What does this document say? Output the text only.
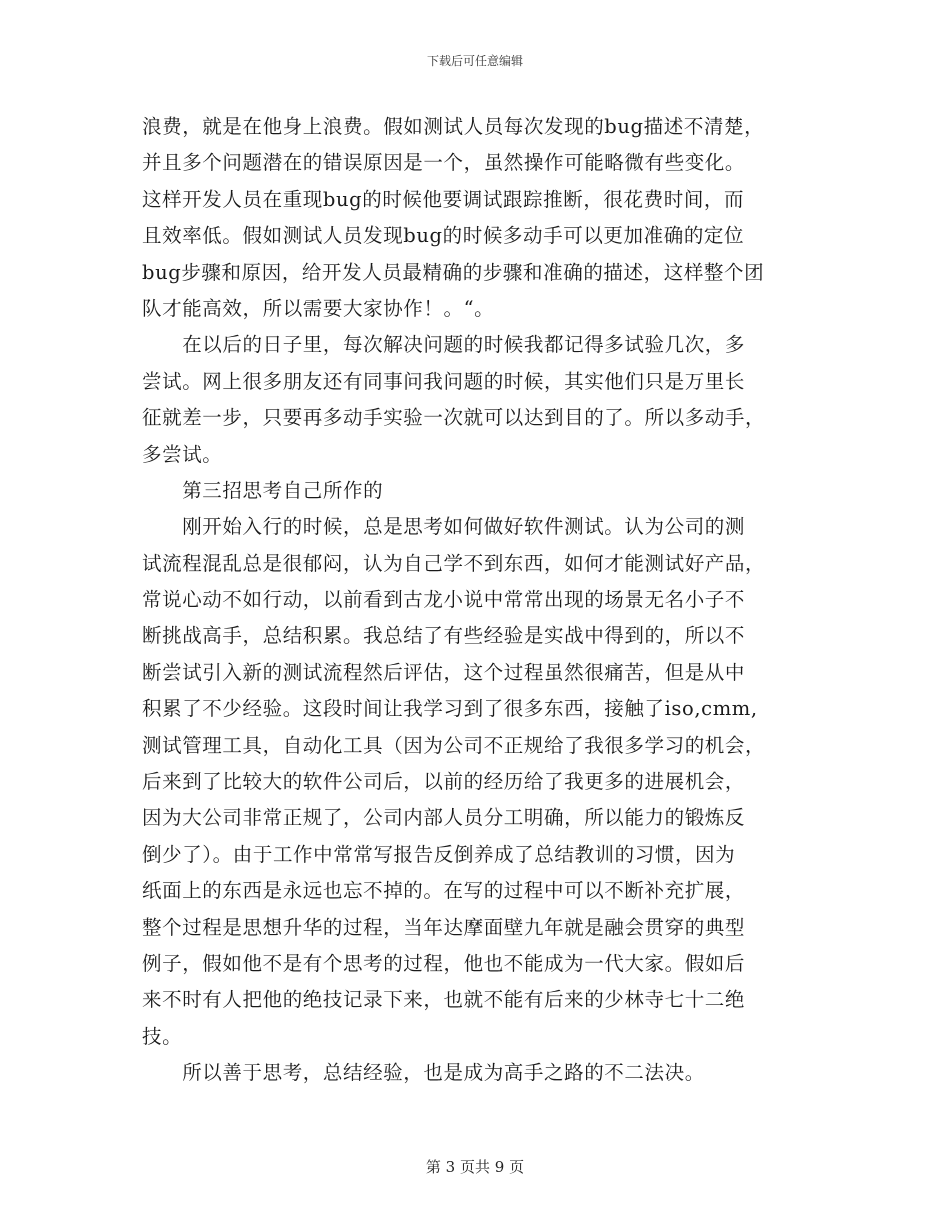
下载后可任意编辑
浪费，就是在他身上浪费。假如测试人员每次发现的bug描述不清楚，
并且多个问题潜在的错误原因是一个，虽然操作可能略微有些变化。
这样开发人员在重现bug的时候他要调试跟踪推断，很花费时间，而
且效率低。假如测试人员发现bug的时候多动手可以更加准确的定位
bug步骤和原因，给开发人员最精确的步骤和准确的描述，这样整个团
队才能高效，所以需要大家协作！。“。
　　在以后的日子里，每次解决问题的时候我都记得多试验几次，多
尝试。网上很多朋友还有同事问我问题的时候，其实他们只是万里长
征就差一步，只要再多动手实验一次就可以达到目的了。所以多动手，
多尝试。
　　第三招思考自己所作的
　　刚开始入行的时候，总是思考如何做好软件测试。认为公司的测
试流程混乱总是很郁闷，认为自己学不到东西，如何才能测试好产品，
常说心动不如行动，以前看到古龙小说中常常出现的场景无名小子不
断挑战高手，总结积累。我总结了有些经验是实战中得到的，所以不
断尝试引入新的测试流程然后评估，这个过程虽然很痛苦，但是从中
积累了不少经验。这段时间让我学习到了很多东西，接触了iso,cmm,
测试管理工具，自动化工具（因为公司不正规给了我很多学习的机会，
后来到了比较大的软件公司后，以前的经历给了我更多的进展机会，
因为大公司非常正规了，公司内部人员分工明确，所以能力的锻炼反
倒少了）。由于工作中常常写报告反倒养成了总结教训的习惯，因为
纸面上的东西是永远也忘不掉的。在写的过程中可以不断补充扩展，
整个过程是思想升华的过程，当年达摩面壁九年就是融会贯穿的典型
例子，假如他不是有个思考的过程，他也不能成为一代大家。假如后
来不时有人把他的绝技记录下来，也就不能有后来的少林寺七十二绝
技。
　　所以善于思考，总结经验，也是成为高手之路的不二法决。
第 3 页共 9 页
